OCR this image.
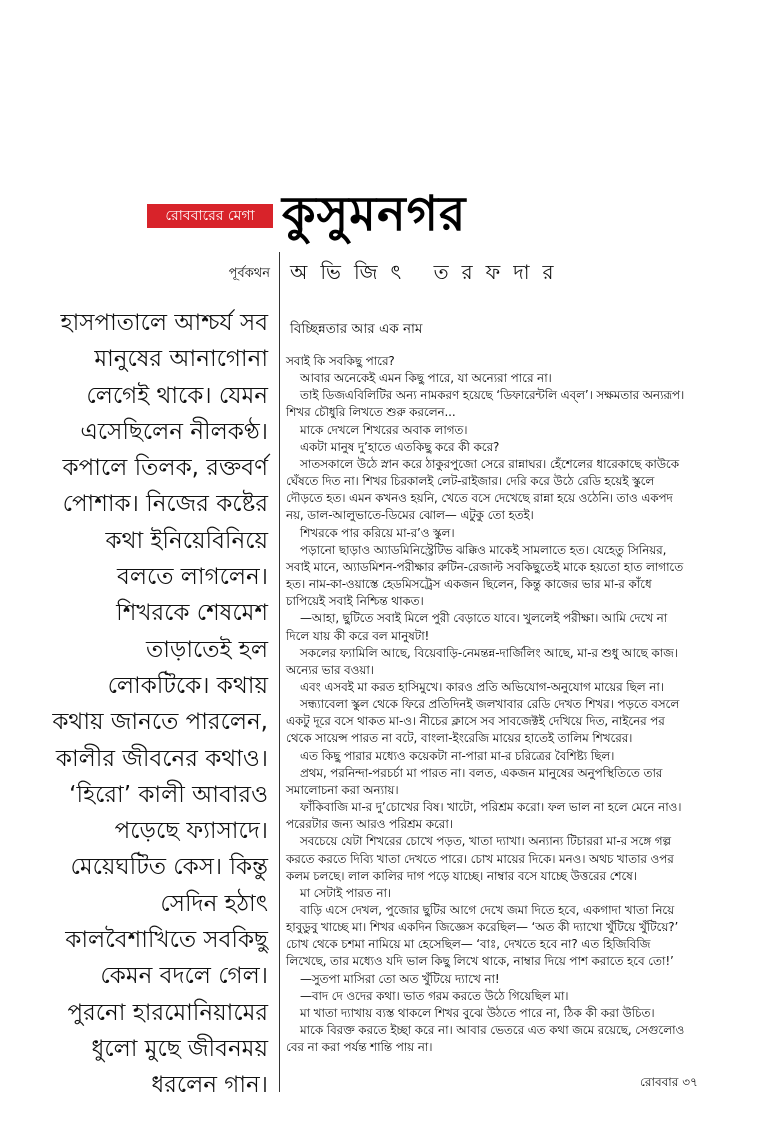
রোববারের মেগা কুসুমনগর
পূর্বকথন অভিজিৎ তরফদার
হাসপাতালে আশ্চর্য সব
মানুষের আনাগোনা
লেগেই থাকে। যেমন
এসেছিলেন নীলকণ্ঠ।
কপালে তিলক, রক্তবর্ণ
পোশাক। নিজের কষ্টের
কথা ইনিয়েবিনিয়ে
বলতে লাগলেন।
শিখরকে শেষমেশ
তাড়াতেই হল
লোকটিকে। কথায়
কথায় জানতে পারলেন,
কালীর জীবনের কথাও।
‘হিরো’ কালী আবারও
পড়েছে ফ্যাসাদে।
মেয়েঘটিত কেস। কিন্তু
সেদিন হঠাৎ
কালবৈশাখিতে সবকিছু
কেমন বদলে গেল।
পুরনো হারমোনিয়ামের
ধুলো মুছে জীবনময়
ধরলেন গান।
বিচ্ছিন্নতার আর এক নাম

সবাই কি সবকিছু পারে?

আবার অনেকেই এমন কিছু পারে, যা অন্যেরা পারে না।

তাই ডিজএবিলিটির অন্য নামকরণ হয়েছে ‘ডিফারেন্টলি এব্‌ল’। সক্ষমতার অন্যরূপ।

শিখর চৌধুরি লিখতে শুরু করলেন...

মাকে দেখলে শিখরের অবাক লাগত।

একটা মানুষ দু’হাতে এতকিছু করে কী করে?

সাতসকালে উঠে স্নান করে ঠাকুরপুজো সেরে রান্নাঘর। হেঁশেলের ধারেকাছে কাউকে

ঘেঁষতে দিত না। শিখর চিরকালই লেট-রাইজার। দেরি করে উঠে রেডি হয়েই স্কুলে

দৌড়তে হত। এমন কখনও হয়নি, খেতে বসে দেখেছে রান্না হয়ে ওঠেনি। তাও একপদ

নয়, ডাল-আলুভাতে-ডিমের ঝোল— এটুকু তো হতই।

শিখরকে পার করিয়ে মা-র’ও স্কুল।

পড়ানো ছাড়াও অ্যাডমিনিস্ট্রেটিভ ঝক্কিও মাকেই সামলাতে হত। যেহেতু সিনিয়র,

সবাই মানে, অ্যাডমিশন-পরীক্ষার রুটিন-রেজাল্ট সবকিছুতেই মাকে হয়তো হাত লাগাতে

হত। নাম-কা-ওয়াস্তে হেডমিসট্রেস একজন ছিলেন, কিন্তু কাজের ভার মা-র কাঁধে

চাপিয়েই সবাই নিশ্চিন্ত থাকত।

—আহা, ছুটিতে সবাই মিলে পুরী বেড়াতে যাবে। খুললেই পরীক্ষা। আমি দেখে না

দিলে যায় কী করে বল মানুষটা!

সকলের ফ্যামিলি আছে, বিয়েবাড়ি-নেমন্তন্ন-দার্জিলিং আছে, মা-র শুধু আছে কাজ।

অন্যের ভার বওয়া।

এবং এসবই মা করত হাসিমুখে। কারও প্রতি অভিযোগ-অনুযোগ মায়ের ছিল না।

সন্ধ্যাবেলা স্কুল থেকে ফিরে প্রতিদিনই জলখাবার রেডি দেখত শিখর। পড়তে বসলে

একটু দূরে বসে থাকত মা-ও। নীচের ক্লাসে সব সাবজেক্টই দেখিয়ে দিত, নাইনের পর

থেকে সায়েন্স পারত না বটে, বাংলা-ইংরেজি মায়ের হাতেই তালিম শিখরের।

এত কিছু পারার মধ্যেও কয়েকটা না-পারা মা-র চরিত্রের বৈশিষ্ট্য ছিল।

প্রথম, পরনিন্দা-পরচর্চা মা পারত না। বলত, একজন মানুষের অনুপস্থিতিতে তার

সমালোচনা করা অন্যায়।

ফাঁকিবাজি মা-র দু’চোখের বিষ। খাটো, পরিশ্রম করো। ফল ভাল না হলে মেনে নাও।

পরেরটার জন্য আরও পরিশ্রম করো।

সবচেয়ে যেটা শিখরের চোখে পড়ত, খাতা দ্যাখা। অন্যান্য টিচাররা মা-র সঙ্গে গল্প

করতে করতে দিব্যি খাতা দেখতে পারে। চোখ মায়ের দিকে। মনও। অথচ খাতার ওপর

কলম চলছে। লাল কালির দাগ পড়ে যাচ্ছে। নাম্বার বসে যাচ্ছে উত্তরের শেষে।

মা সেটাই পারত না।

বাড়ি এসে দেখল, পুজোর ছুটির আগে দেখে জমা দিতে হবে, একগাদা খাতা নিয়ে

হাবুডুবু খাচ্ছে মা। শিখর একদিন জিজ্ঞেস করেছিল— ‘অত কী দ্যাখো খুঁটিয়ে খুঁটিয়ে?’

চোখ থেকে চশমা নামিয়ে মা হেসেছিল— ‘বাঃ, দেখতে হবে না? এত হিজিবিজি

লিখেছে, তার মধ্যেও যদি ভাল কিছু লিখে থাকে, নাম্বার দিয়ে পাশ করাতে হবে তো!’

—সুতপা মাসিরা তো অত খুঁটিয়ে দ্যাখে না!

—বাদ দে ওদের কথা। ভাত গরম করতে উঠে গিয়েছিল মা।

মা খাতা দ্যাখায় ব্যস্ত থাকলে শিখর বুঝে উঠতে পারে না, ঠিক কী করা উচিত।

মাকে বিরক্ত করতে ইচ্ছা করে না। আবার ভেতরে এত কথা জমে রয়েছে, সেগুলোও

বের না করা পর্যন্ত শান্তি পায় না।

রোববার ৩৭
